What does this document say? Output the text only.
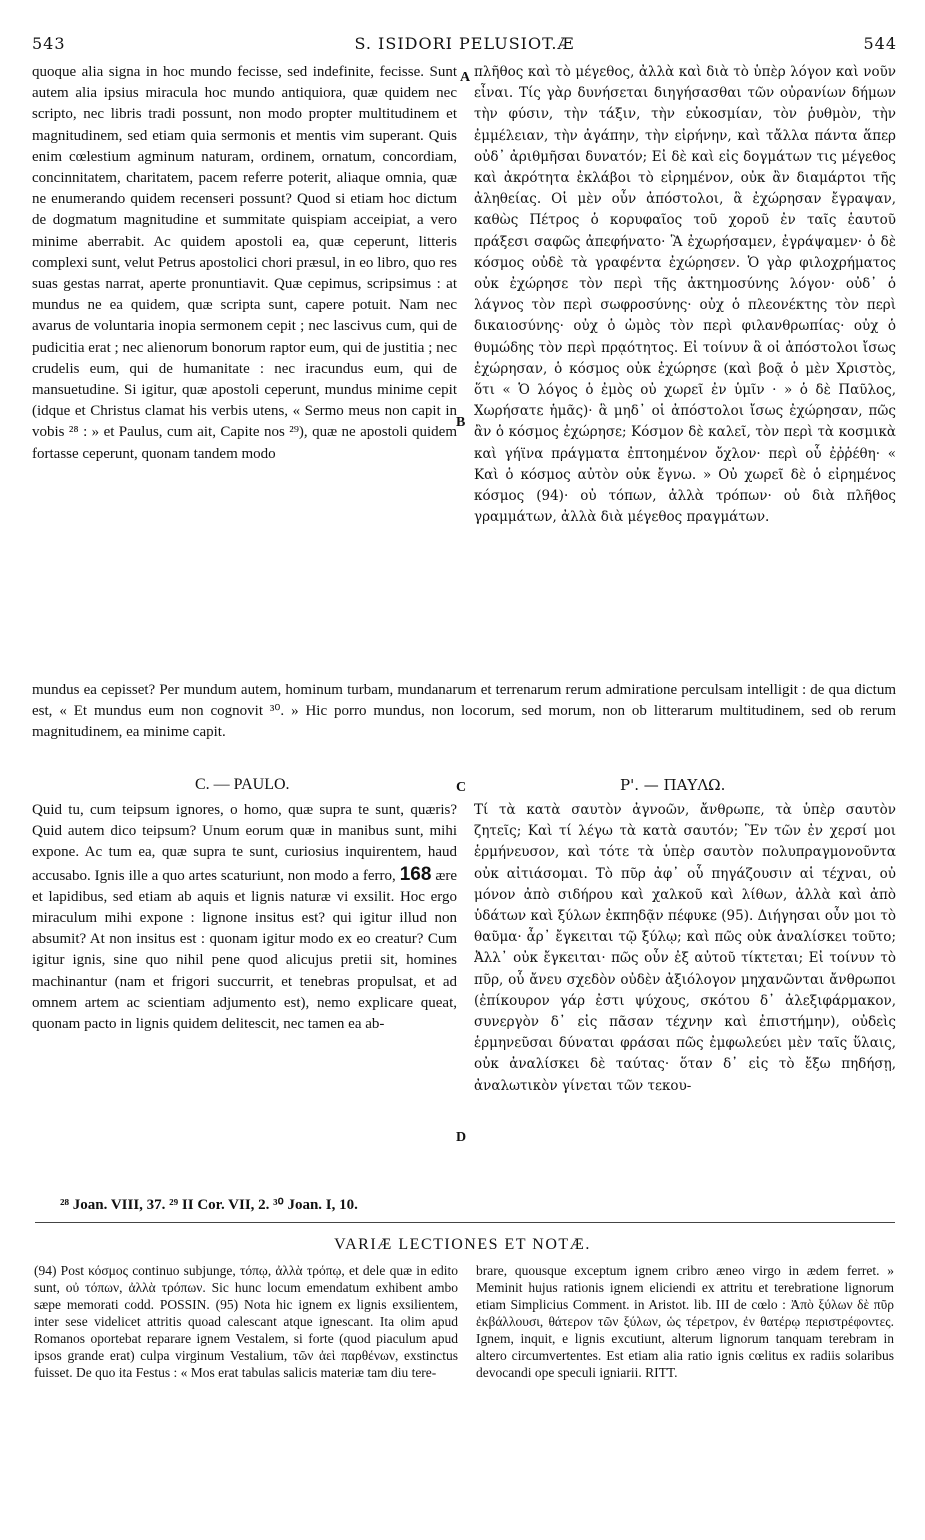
543	S. ISIDORI PELUSIOT.Æ	544

quoque alia signa in hoc mundo fecisse, sed indefinite, fecisse. Sunt autem alia ipsius miracula hoc mundo antiquiora, quæ quidem nec scripto, nec libris tradi possunt, non modo propter multitudinem et magnitudinem, sed etiam quia sermonis et mentis vim superant. Quis enim cœlestium agminum naturam, ordinem, ornatum, concordiam, concinnitatem, charitatem, pacem referre poterit, aliaque omnia, quæ ne enumerando quidem recenseri possunt? Quod si etiam hoc dictum de dogmatum magnitudine et summitate quispiam acceipiat, a vero minime aberrabit. Ac quidem apostoli ea, quæ ceperunt, litteris complexi sunt, velut Petrus apostolici chori præsul, in eo libro, quo res suas gestas narrat, aperte pronuntiavit. Quæ cepimus, scripsimus : at mundus ne ea quidem, quæ scripta sunt, capere potuit. Nam nec avarus de voluntaria inopia sermonem cepit ; nec lascivus cum, qui de pudicitia erat ; nec alienorum bonorum raptor eum, qui de justitia ; nec crudelis eum, qui de humanitate : nec iracundus eum, qui de mansuetudine. Si igitur, quæ apostoli ceperunt, mundus minime cepit (idque et Christus clamat his verbis utens, « Sermo meus non capit in vobis ²⁸ : » et Paulus, cum ait, Capite nos ²⁹), quæ ne apostoli quidem fortasse ceperunt, quonam tandem modo

A
B

πλῆθος καὶ τὸ μέγεθος, ἀλλὰ καὶ διὰ τὸ ὑπὲρ λόγον καὶ νοῦν εἶναι. Τίς γὰρ δυνήσεται διηγήσασθαι τῶν οὐρανίων δήμων τὴν φύσιν, τὴν τάξιν, τὴν εὐκοσμίαν, τὸν ῥυθμὸν, τὴν ἐμμέλειαν, τὴν ἀγάπην, τὴν εἰρήνην, καὶ τἄλλα πάντα ἅπερ οὐδ᾽ ἀριθμῆσαι δυνατόν; Εἰ δὲ καὶ εἰς δογμάτων τις μέγεθος καὶ ἀκρότητα ἐκλάβοι τὸ εἰρημένον, οὐκ ἂν διαμάρτοι τῆς ἀληθείας. Οἱ μὲν οὖν ἀπόστολοι, ἃ ἐχώρησαν ἔγραψαν, καθὼς Πέτρος ὁ κορυφαῖος τοῦ χοροῦ ἐν ταῖς ἑαυτοῦ πράξεσι σαφῶς ἀπεφήνατο· Ἃ ἐχωρήσαμεν, ἐγράψαμεν· ὁ δὲ κόσμος οὐδὲ τὰ γραφέντα ἐχώρησεν. Ὁ γὰρ φιλοχρήματος οὐκ ἐχώρησε τὸν περὶ τῆς ἀκτημοσύνης λόγον· οὐδ᾽ ὁ λάγνος τὸν περὶ σωφροσύνης· οὐχ ὁ πλεονέκτης τὸν περὶ δικαιοσύνης· οὐχ ὁ ὠμὸς τὸν περὶ φιλανθρωπίας· οὐχ ὁ θυμώδης τὸν περὶ πρᾳότητος. Εἰ τοίνυν ἃ οἱ ἀπόστολοι ἴσως ἐχώρησαν, ὁ κόσμος οὐκ ἐχώρησε (καὶ βοᾷ ὁ μὲν Χριστὸς, ὅτι « Ὁ λόγος ὁ ἐμὸς οὐ χωρεῖ ἐν ὑμῖν · » ὁ δὲ Παῦλος, Χωρήσατε ἡμᾶς)· ἃ μηδ᾽ οἱ ἀπόστολοι ἴσως ἐχώρησαν, πῶς ἂν ὁ κόσμος ἐχώρησε; Κόσμον δὲ καλεῖ, τὸν περὶ τὰ κοσμικὰ καὶ γήϊνα πράγματα ἐπτοημένον ὄχλον· περὶ οὗ ἐῤῥέθη· « Καὶ ὁ κόσμος αὐτὸν οὐκ ἔγνω. » Οὐ χωρεῖ δὲ ὁ εἰρημένος κόσμος (94)· οὐ τόπων, ἀλλὰ τρόπων· οὐ διὰ πλῆθος γραμμάτων, ἀλλὰ διὰ μέγεθος πραγμάτων.

mundus ea cepisset? Per mundum autem, hominum turbam, mundanarum et terrenarum rerum admiratione perculsam intelligit : de qua dictum est, « Et mundus eum non cognovit ³⁰. » Hic porro mundus, non locorum, sed morum, non ob litterarum multitudinem, sed ob rerum magnitudinem, ea minime capit.

C. — PAULO.	C	Ρ'. — ΠΑΥΛΩ.

Quid tu, cum teipsum ignores, o homo, quæ supra te sunt, quæris? Quid autem dico teipsum? Unum eorum quæ in manibus sunt, mihi expone. Ac tum ea, quæ supra te sunt, curiosius inquirentem, haud accusabo. Ignis ille a quo artes scaturiunt, non modo a ferro, 168 ære et lapidibus, sed etiam ab aquis et lignis naturæ vi exsilit. Hoc ergo miraculum mihi expone : lignone insitus est? qui igitur illud non absumit? At non insitus est : quonam igitur modo ex eo creatur? Cum igitur ignis, sine quo nihil pene quod alicujus pretii sit, homines machinantur (nam et frigori succurrit, et tenebras propulsat, et ad omnem artem ac scientiam adjumento est), nemo explicare queat, quonam pacto in lignis quidem delitescit, nec tamen ea ab-

D

Τί τὰ κατὰ σαυτὸν ἀγνοῶν, ἄνθρωπε, τὰ ὑπὲρ σαυτὸν ζητεῖς; Καὶ τί λέγω τὰ κατὰ σαυτόν; Ἓν τῶν ἐν χερσί μοι ἑρμήνευσον, καὶ τότε τὰ ὑπὲρ σαυτὸν πολυπραγμονοῦντα οὐκ αἰτιάσομαι. Τὸ πῦρ ἀφ᾽ οὗ πηγάζουσιν αἱ τέχναι, οὐ μόνον ἀπὸ σιδήρου καὶ χαλκοῦ καὶ λίθων, ἀλλὰ καὶ ἀπὸ ὑδάτων καὶ ξύλων ἐκπηδᾷν πέφυκε (95). Διήγησαι οὖν μοι τὸ θαῦμα· ἆρ᾽ ἔγκειται τῷ ξύλῳ; καὶ πῶς οὐκ ἀναλίσκει τοῦτο; Ἀλλ᾽ οὐκ ἔγκειται· πῶς οὖν ἐξ αὐτοῦ τίκτεται; Εἰ τοίνυν τὸ πῦρ, οὗ ἄνευ σχεδὸν οὐδὲν ἀξιόλογον μηχανῶνται ἄνθρωποι (ἐπίκουρον γάρ ἐστι ψύχους, σκότου δ᾽ ἀλεξιφάρμακον, συνεργὸν δ᾽ εἰς πᾶσαν τέχνην καὶ ἐπιστήμην), οὐδεὶς ἑρμηνεῦσαι δύναται φράσαι πῶς ἐμφωλεύει μὲν ταῖς ὕλαις, οὐκ ἀναλίσκει δὲ ταύτας· ὅταν δ᾽ εἰς τὸ ἔξω πηδήσῃ, ἀναλωτικὸν γίνεται τῶν τεκου-

²⁸ Joan. VIII, 37. ²⁹ II Cor. VII, 2. ³⁰ Joan. I, 10.
VARIÆ LECTIONES ET NOTÆ.

(94) Post κόσμος continuo subjunge, τόπῳ, ἀλλὰ τρόπῳ, et dele quæ in edito sunt, οὐ τόπων, ἀλλὰ τρόπων. Sic hunc locum emendatum exhibent ambo sæpe memorati codd. POSSIN. (95) Nota hic ignem ex lignis exsilientem, inter sese videlicet attritis quoad calescant atque ignescant. Ita olim apud Romanos oportebat reparare ignem Vestalem, si forte (quod piaculum apud ipsos grande erat) culpa virginum Vestalium, τῶν ἀεὶ παρθένων, exstinctus fuisset. De quo ita Festus : « Mos erat tabulas salicis materiæ tam diu tere-

brare, quousque exceptum ignem cribro æneo virgo in ædem ferret. » Meminit hujus rationis ignem eliciendi ex attritu et terebratione lignorum etiam Simplicius Comment. in Aristot. lib. III de cœlo : Ἀπὸ ξύλων δὲ πῦρ ἐκβάλλουσι, θάτερον τῶν ξύλων, ὡς τέρετρον, ἐν θατέρῳ περιστρέφοντες. Ignem, inquit, e lignis excutiunt, alterum lignorum tanquam terebram in altero circumvertentes. Est etiam alia ratio ignis cœlitus ex radiis solaribus devocandi ope speculi igniarii. RITT.
